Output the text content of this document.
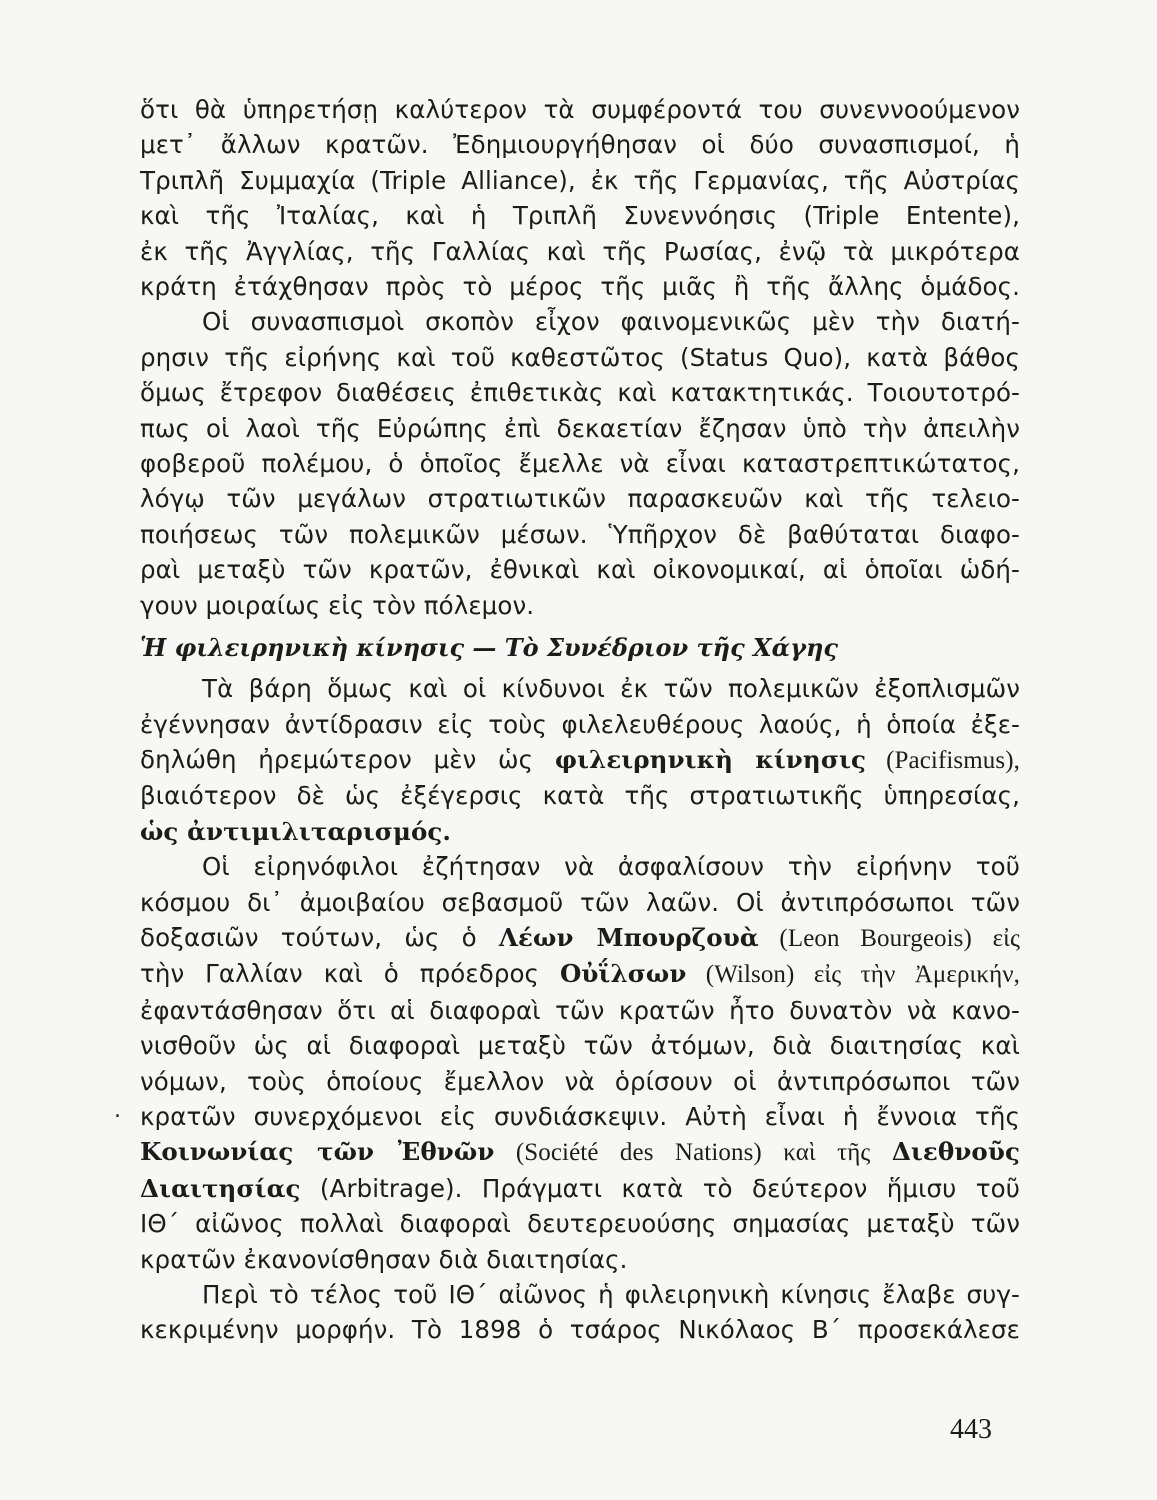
ὅτι θὰ ὑπηρετήσῃ καλύτερον τὰ συμφέροντά του συνεννοούμενον
μετ᾿ ἄλλων κρατῶν. Ἐδημιουργήθησαν οἱ δύο συνασπισμοί, ἡ
Τριπλῆ Συμμαχία (Triple Alliance), ἐκ τῆς Γερμανίας, τῆς Αὐστρίας
καὶ τῆς Ἰταλίας, καὶ ἡ Τριπλῆ Συνεννόησις (Triple Entente),
ἐκ τῆς Ἀγγλίας, τῆς Γαλλίας καὶ τῆς Ρωσίας, ἐνῷ τὰ μικρότερα
κράτη ἐτάχθησαν πρὸς τὸ μέρος τῆς μιᾶς ἢ τῆς ἄλλης ὁμάδος.
Οἱ συνασπισμοὶ σκοπὸν εἶχον φαινομενικῶς μὲν τὴν διατή-
ρησιν τῆς εἰρήνης καὶ τοῦ καθεστῶτος (Status Quo), κατὰ βάθος
ὅμως ἔτρεφον διαθέσεις ἐπιθετικὰς καὶ κατακτητικάς. Τοιουτοτρό-
πως οἱ λαοὶ τῆς Εὐρώπης ἐπὶ δεκαετίαν ἔζησαν ὑπὸ τὴν ἀπειλὴν
φοβεροῦ πολέμου, ὁ ὁποῖος ἔμελλε νὰ εἶναι καταστρεπτικώτατος,
λόγῳ τῶν μεγάλων στρατιωτικῶν παρασκευῶν καὶ τῆς τελειο-
ποιήσεως τῶν πολεμικῶν μέσων. Ὑπῆρχον δὲ βαθύταται διαφο-
ραὶ μεταξὺ τῶν κρατῶν, ἐθνικαὶ καὶ οἰκονομικαί, αἱ ὁποῖαι ὡδή-
γουν μοιραίως εἰς τὸν πόλεμον.
Ἡ φιλειρηνικὴ κίνησις — Τὸ Συνέδριον τῆς Χάγης
Τὰ βάρη ὅμως καὶ οἱ κίνδυνοι ἐκ τῶν πολεμικῶν ἐξοπλισμῶν
ἐγέννησαν ἀντίδρασιν εἰς τοὺς φιλελευθέρους λαούς, ἡ ὁποία ἐξε-
δηλώθη ἠρεμώτερον μὲν ὡς φιλειρηνικὴ κίνησις (Pacifismus),
βιαιότερον δὲ ὡς ἐξέγερσις κατὰ τῆς στρατιωτικῆς ὑπηρεσίας,
ὡς ἀντιμιλιταρισμός.
Οἱ εἰρηνόφιλοι ἐζήτησαν νὰ ἀσφαλίσουν τὴν εἰρήνην τοῦ
κόσμου δι᾿ ἀμοιβαίου σεβασμοῦ τῶν λαῶν. Οἱ ἀντιπρόσωποι τῶν
δοξασιῶν τούτων, ὡς ὁ Λέων Μπουρζουὰ (Leon Bourgeois) εἰς
τὴν Γαλλίαν καὶ ὁ πρόεδρος Οὐΐλσων (Wilson) εἰς τὴν Ἀμερικήν,
ἐφαντάσθησαν ὅτι αἱ διαφοραὶ τῶν κρατῶν ἦτο δυνατὸν νὰ κανο-
νισθοῦν ὡς αἱ διαφοραὶ μεταξὺ τῶν ἀτόμων, διὰ διαιτησίας καὶ
νόμων, τοὺς ὁποίους ἔμελλον νὰ ὁρίσουν οἱ ἀντιπρόσωποι τῶν
κρατῶν συνερχόμενοι εἰς συνδιάσκεψιν. Αὐτὴ εἶναι ἡ ἔννοια τῆς
Κοινωνίας τῶν Ἐθνῶν (Société des Nations) καὶ τῆς Διεθνοῦς
Διαιτησίας (Arbitrage). Πράγματι κατὰ τὸ δεύτερον ἥμισυ τοῦ
ΙΘ΄ αἰῶνος πολλαὶ διαφοραὶ δευτερευούσης σημασίας μεταξὺ τῶν
κρατῶν ἐκανονίσθησαν διὰ διαιτησίας.
Περὶ τὸ τέλος τοῦ ΙΘ΄ αἰῶνος ἡ φιλειρηνικὴ κίνησις ἔλαβε συγ-
κεκριμένην μορφήν. Τὸ 1898 ὁ τσάρος Νικόλαος Β΄ προσεκάλεσε
.
443
